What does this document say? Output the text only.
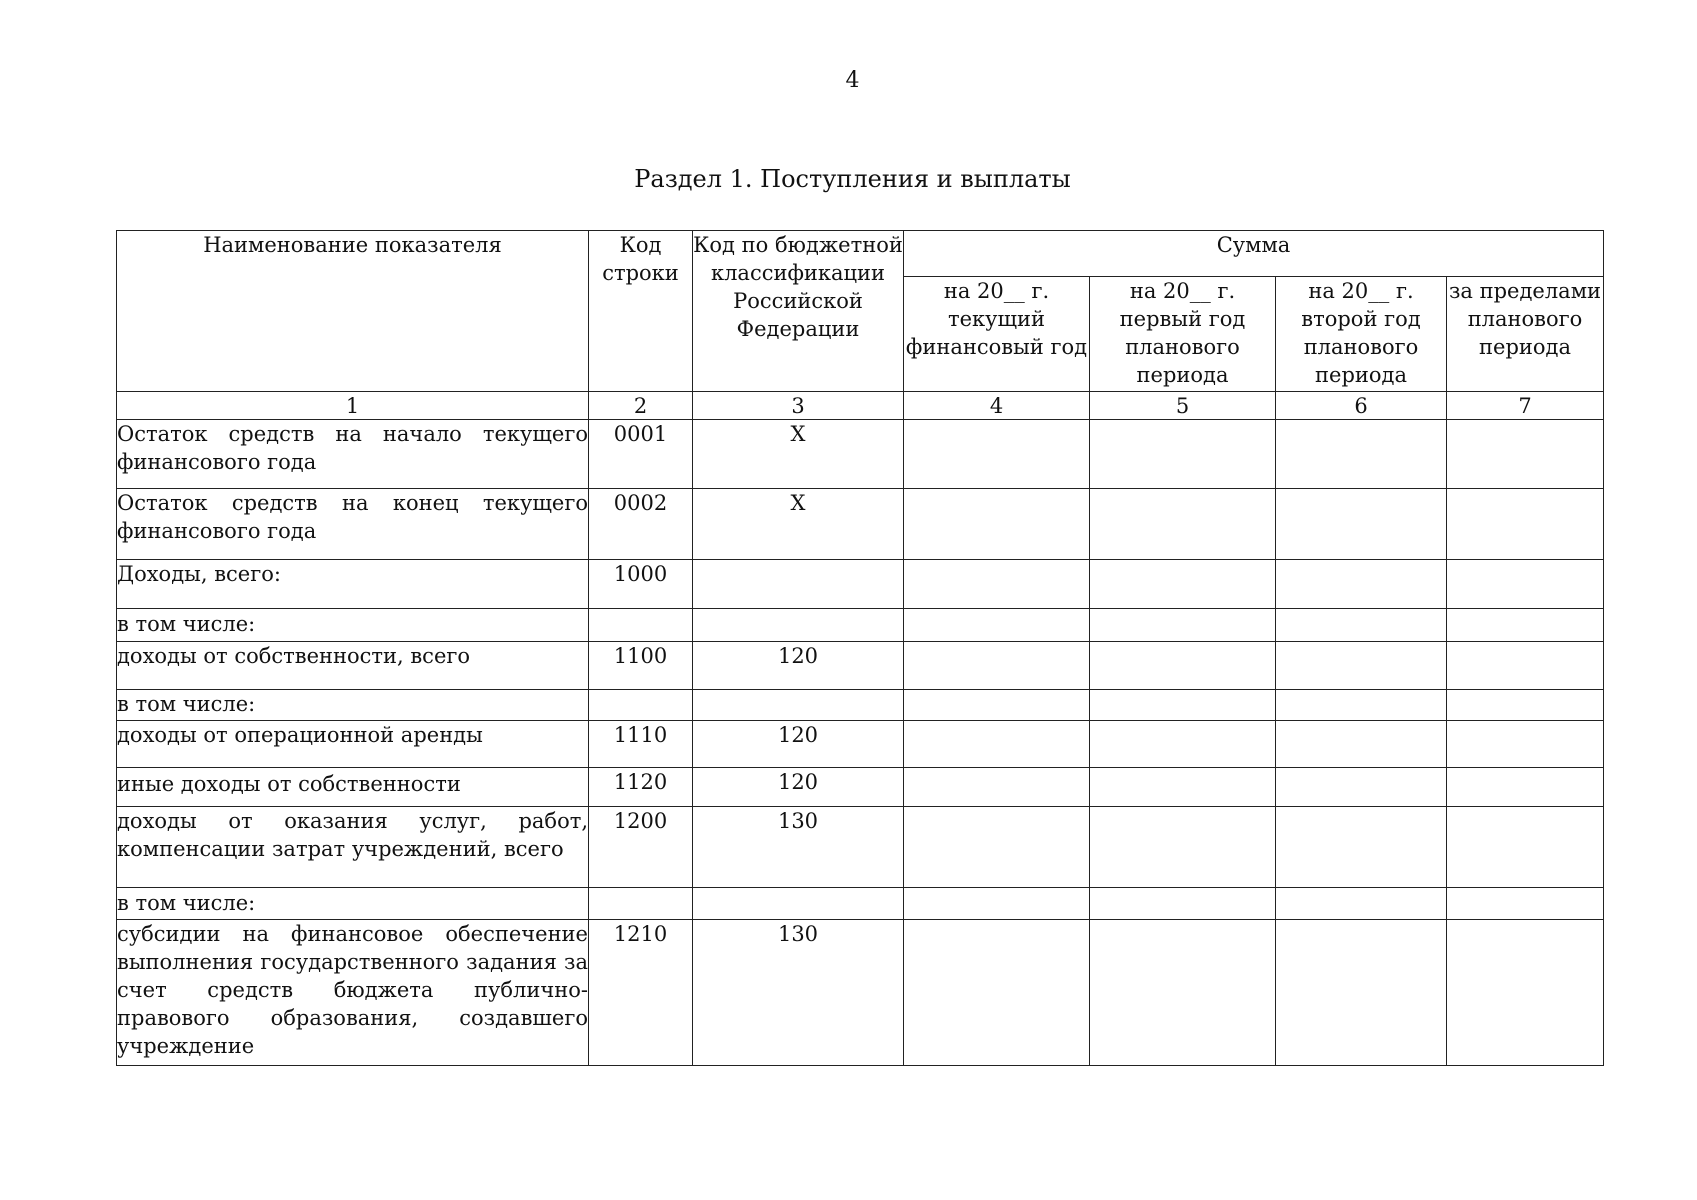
4
Раздел 1. Поступления и выплаты
Наименование показателя	Код строки	Код по бюджетной классификации Российской Федерации	Сумма			
			на 20__ г. текущий финансовый год	на 20__ г. первый год планового периода	на 20__ г. второй год планового периода	за пределами планового периода
1	2	3	4	5	6	7
Остаток средств на начало текущего финансового года	0001	X				
Остаток средств на конец текущего финансового года	0002	X				
Доходы, всего:	1000					
в том числе:						
доходы от собственности, всего	1100	120				
в том числе:						
доходы от операционной аренды	1110	120				
иные доходы от собственности	1120	120				
доходы от оказания услуг, работ, компенсации затрат учреждений, всего	1200	130				
в том числе:						
субсидии на финансовое обеспечение выполнения государственного задания за счет средств бюджета публично-правового образования, создавшего учреждение	1210	130				
